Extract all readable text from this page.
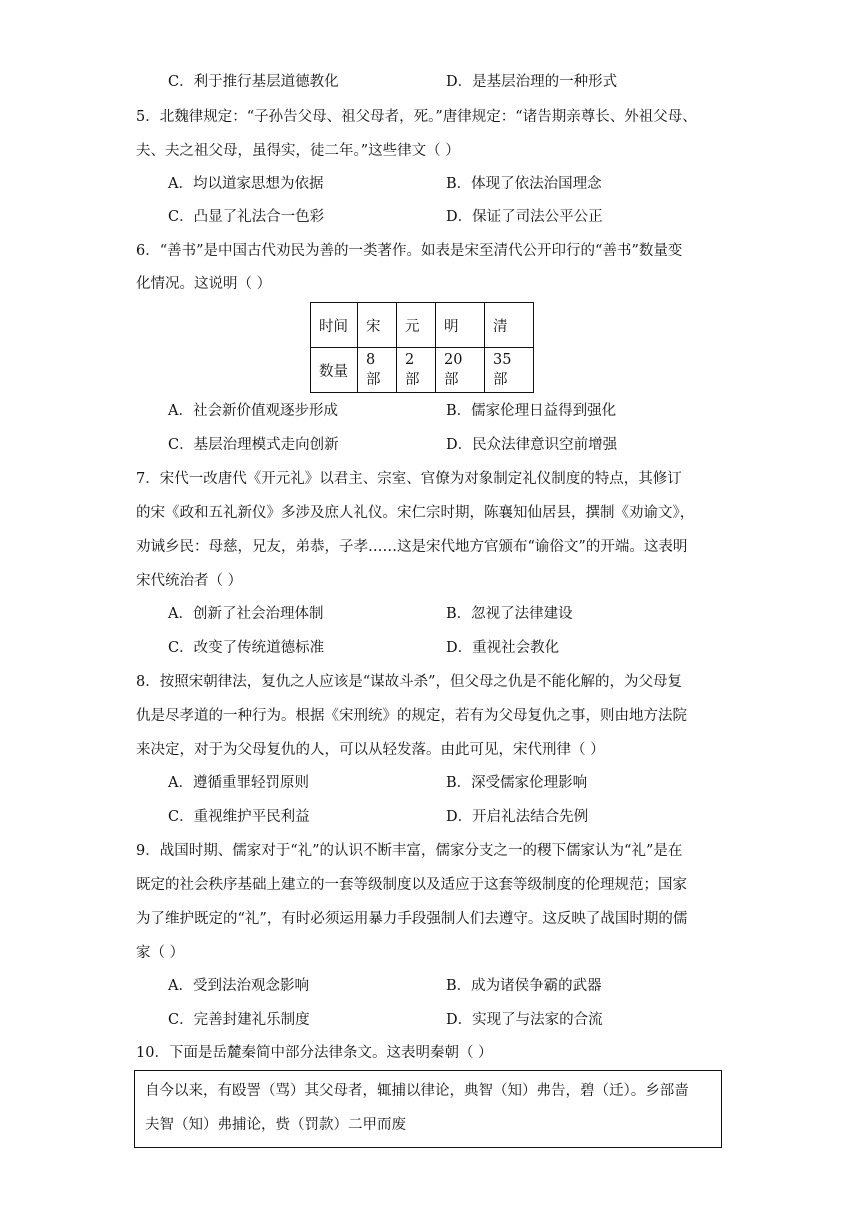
C．利于推行基层道德教化	D．是基层治理的一种形式
5．北魏律规定：“子孙告父母、祖父母者，死。”唐律规定：“诸告期亲尊长、外祖父母、
夫、夫之祖父母，虽得实，徒二年。”这些律文（ ）
A．均以道家思想为依据	B．体现了依法治国理念
C．凸显了礼法合一色彩	D．保证了司法公平公正
6．“善书”是中国古代劝民为善的一类著作。如表是宋至清代公开印行的“善书”数量变
化情况。这说明（ ）
时间	宋	元	明	清
数量	8 部	2 部	20 部	35 部
A．社会新价值观逐步形成	B．儒家伦理日益得到强化
C．基层治理模式走向创新	D．民众法律意识空前增强
7．宋代一改唐代《开元礼》以君主、宗室、官僚为对象制定礼仪制度的特点，其修订
的宋《政和五礼新仪》多涉及庶人礼仪。宋仁宗时期，陈襄知仙居县，撰制《劝谕文》，
劝诫乡民：母慈，兄友，弟恭，子孝……这是宋代地方官颁布“谕俗文”的开端。这表明
宋代统治者（ ）
A．创新了社会治理体制	B．忽视了法律建设
C．改变了传统道德标准	D．重视社会教化
8．按照宋朝律法，复仇之人应该是“谋故斗杀”，但父母之仇是不能化解的，为父母复
仇是尽孝道的一种行为。根据《宋刑统》的规定，若有为父母复仇之事，则由地方法院
来决定，对于为父母复仇的人，可以从轻发落。由此可见，宋代刑律（ ）
A．遵循重罪轻罚原则	B．深受儒家伦理影响
C．重视维护平民利益	D．开启礼法结合先例
9．战国时期、儒家对于“礼”的认识不断丰富，儒家分支之一的稷下儒家认为“礼”是在
既定的社会秩序基础上建立的一套等级制度以及适应于这套等级制度的伦理规范；国家
为了维护既定的“礼”，有时必须运用暴力手段强制人们去遵守。这反映了战国时期的儒
家（ ）
A．受到法治观念影响	B．成为诸侯争霸的武器
C．完善封建礼乐制度	D．实现了与法家的合流
10．下面是岳麓秦简中部分法律条文。这表明秦朝（ ）
自今以来，有殴詈（骂）其父母者，辄捕以律论，典智（知）弗告，碧（迁）。乡部啬
夫智（知）弗捕论，赀（罚款）二甲而废
